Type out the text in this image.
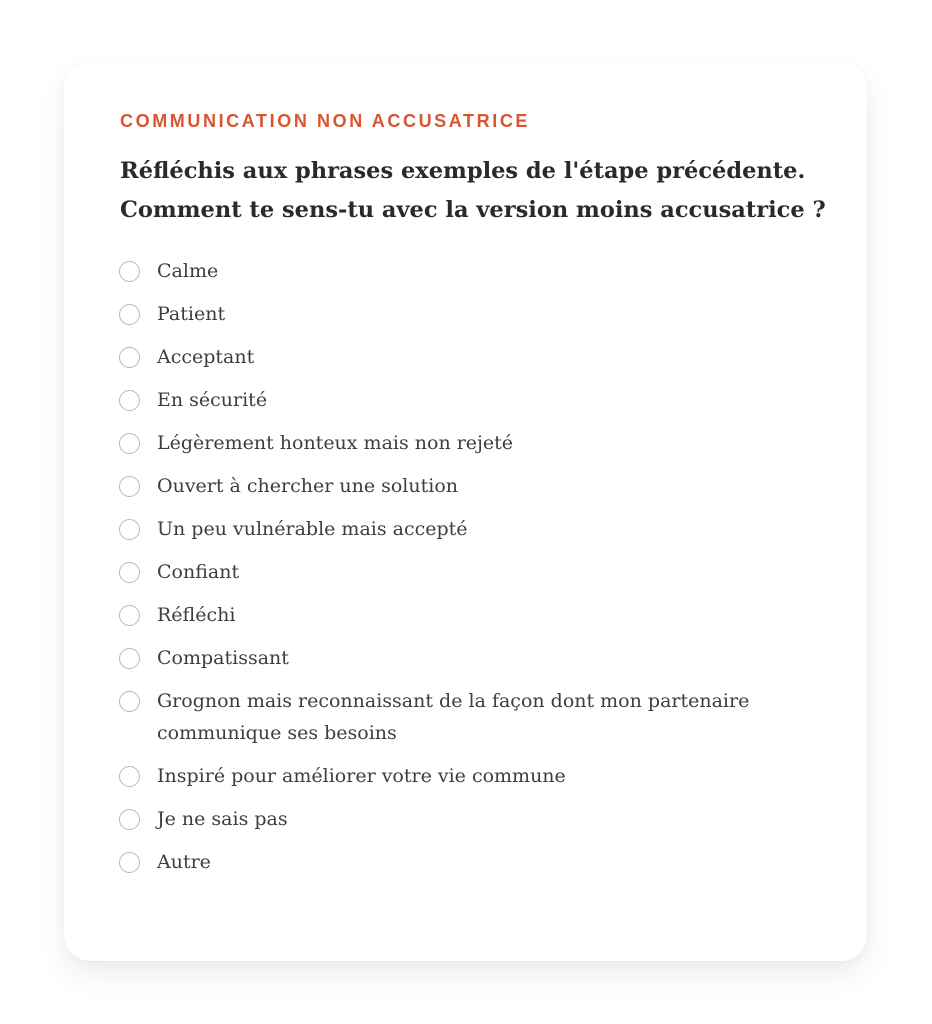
COMMUNICATION NON ACCUSATRICE

Réfléchis aux phrases exemples de l'étape précédente. Comment te sens-tu avec la version moins accusatrice ?
Calme
Patient
Acceptant
En sécurité
Légèrement honteux mais non rejeté
Ouvert à chercher une solution
Un peu vulnérable mais accepté
Confiant
Réfléchi
Compatissant
Grognon mais reconnaissant de la façon dont mon partenaire communique ses besoins
Inspiré pour améliorer votre vie commune
Je ne sais pas
Autre
